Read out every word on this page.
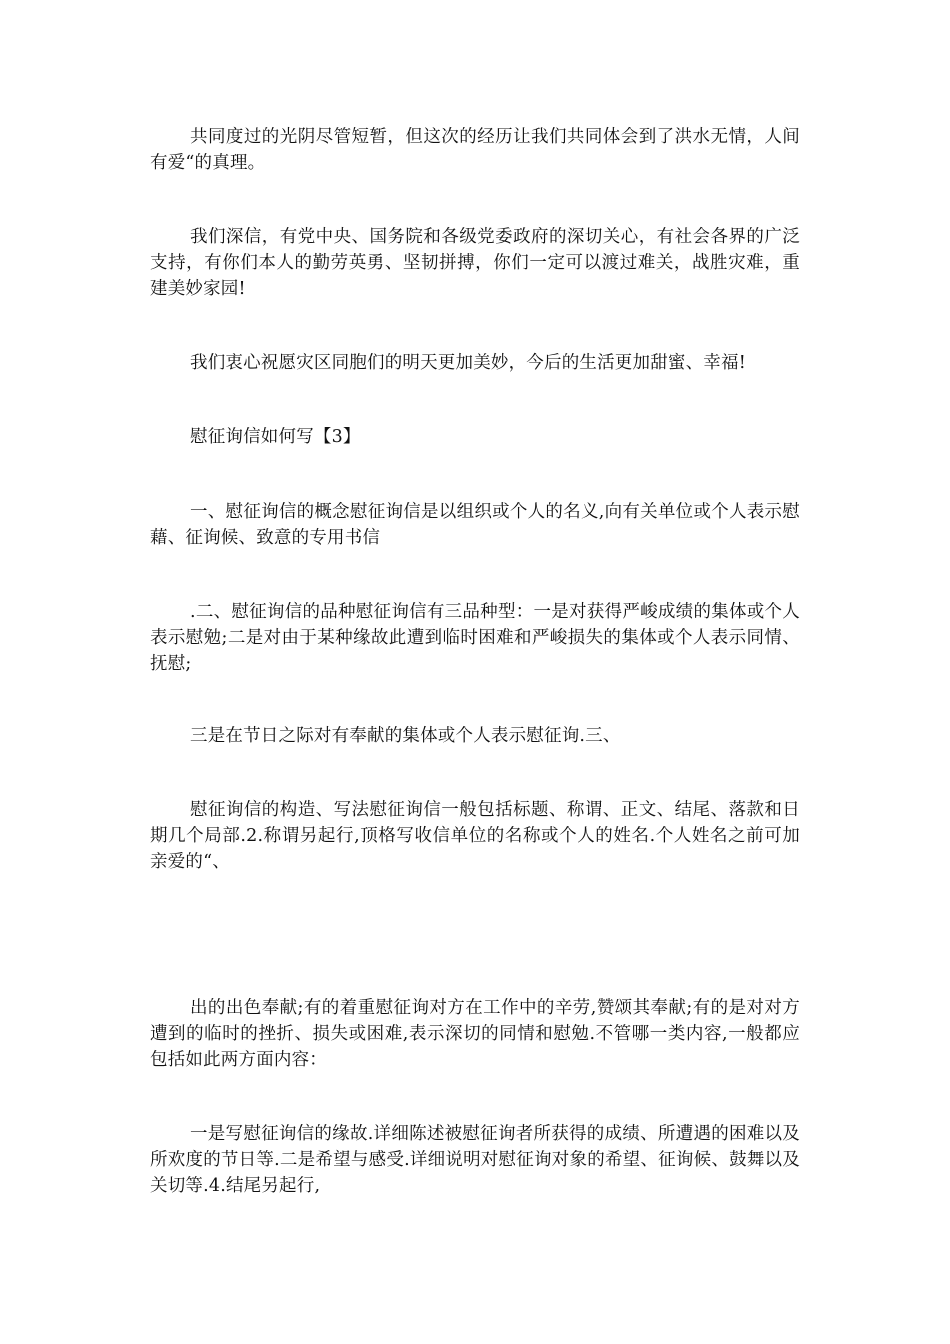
共同度过的光阴尽管短暂，但这次的经历让我们共同体会到了洪水无情，人间有爱“的真理。

我们深信，有党中央、国务院和各级党委政府的深切关心，有社会各界的广泛支持，有你们本人的勤劳英勇、坚韧拼搏，你们一定可以渡过难关，战胜灾难，重建美妙家园!

我们衷心祝愿灾区同胞们的明天更加美妙，今后的生活更加甜蜜、幸福!

慰征询信如何写【3】

一、慰征询信的概念慰征询信是以组织或个人的名义,向有关单位或个人表示慰藉、征询候、致意的专用书信

.二、慰征询信的品种慰征询信有三品种型：一是对获得严峻成绩的集体或个人表示慰勉;二是对由于某种缘故此遭到临时困难和严峻损失的集体或个人表示同情、抚慰;

三是在节日之际对有奉献的集体或个人表示慰征询.三、

慰征询信的构造、写法慰征询信一般包括标题、称谓、正文、结尾、落款和日期几个局部.2.称谓另起行,顶格写收信单位的名称或个人的姓名.个人姓名之前可加亲爱的“、

出的出色奉献;有的着重慰征询对方在工作中的辛劳,赞颂其奉献;有的是对对方遭到的临时的挫折、损失或困难,表示深切的同情和慰勉.不管哪一类内容,一般都应包括如此两方面内容：

一是写慰征询信的缘故.详细陈述被慰征询者所获得的成绩、所遭遇的困难以及所欢度的节日等.二是希望与感受.详细说明对慰征询对象的希望、征询候、鼓舞以及关切等.4.结尾另起行,
